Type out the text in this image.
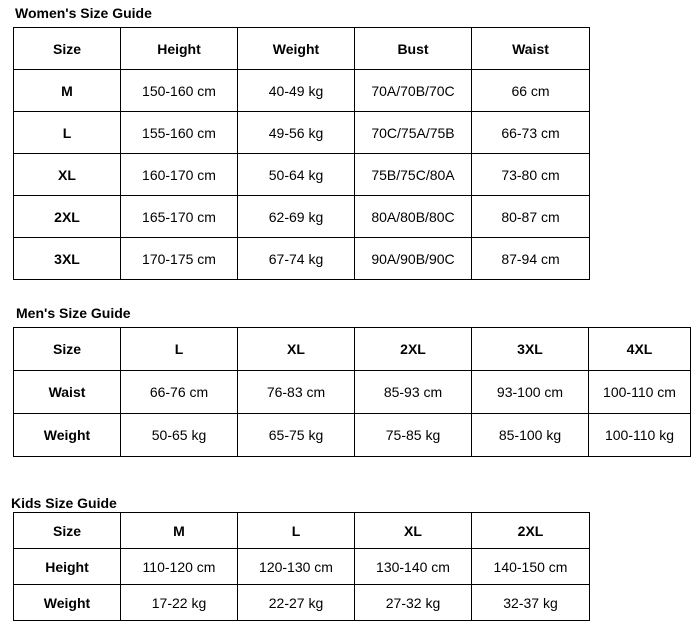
Women's Size Guide
Size	Height	Weight	Bust	Waist
M	150-160 cm	40-49 kg	70A/70B/70C	66 cm
L	155-160 cm	49-56 kg	70C/75A/75B	66-73 cm
XL	160-170 cm	50-64 kg	75B/75C/80A	73-80 cm
2XL	165-170 cm	62-69 kg	80A/80B/80C	80-87 cm
3XL	170-175 cm	67-74 kg	90A/90B/90C	87-94 cm
Men's Size Guide
Size	L	XL	2XL	3XL	4XL
Waist	66-76 cm	76-83 cm	85-93 cm	93-100 cm	100-110 cm
Weight	50-65 kg	65-75 kg	75-85 kg	85-100 kg	100-110 kg
Kids Size Guide
Size	M	L	XL	2XL
Height	110-120 cm	120-130 cm	130-140 cm	140-150 cm
Weight	17-22 kg	22-27 kg	27-32 kg	32-37 kg
